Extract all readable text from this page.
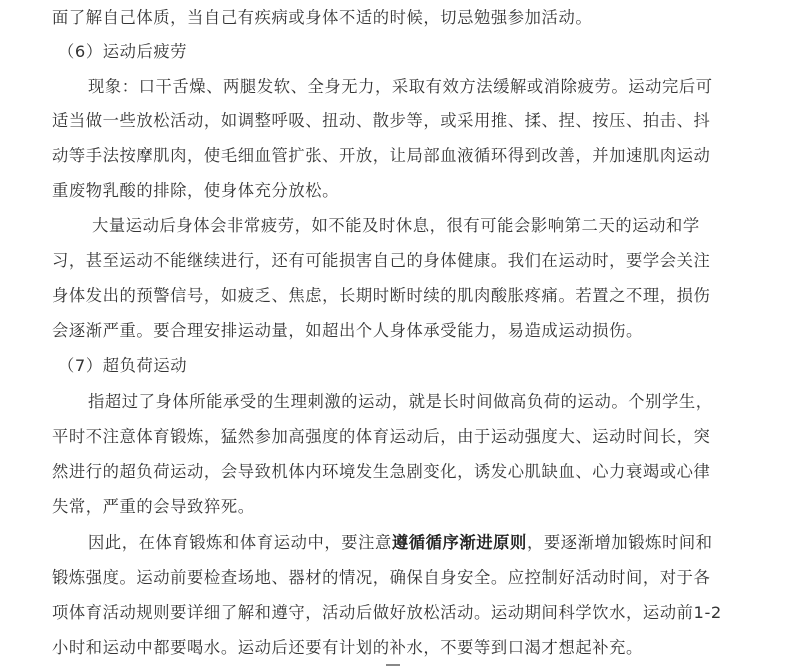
面了解自己体质，当自己有疾病或身体不适的时候，切忌勉强参加活动。
（6）运动后疲劳
现象：口干舌燥、两腿发软、全身无力，采取有效方法缓解或消除疲劳。运动完后可
适当做一些放松活动，如调整呼吸、扭动、散步等，或采用推、揉、捏、按压、拍击、抖
动等手法按摩肌肉，使毛细血管扩张、开放，让局部血液循环得到改善，并加速肌肉运动
重废物乳酸的排除，使身体充分放松。
大量运动后身体会非常疲劳，如不能及时休息，很有可能会影响第二天的运动和学
习，甚至运动不能继续进行，还有可能损害自己的身体健康。我们在运动时，要学会关注
身体发出的预警信号，如疲乏、焦虑，长期时断时续的肌肉酸胀疼痛。若置之不理，损伤
会逐渐严重。要合理安排运动量，如超出个人身体承受能力，易造成运动损伤。
（7）超负荷运动
指超过了身体所能承受的生理刺激的运动，就是长时间做高负荷的运动。个别学生，
平时不注意体育锻炼，猛然参加高强度的体育运动后，由于运动强度大、运动时间长，突
然进行的超负荷运动，会导致机体内环境发生急剧变化，诱发心肌缺血、心力衰竭或心律
失常，严重的会导致猝死。
因此，在体育锻炼和体育运动中，要注意遵循循序渐进原则，要逐渐增加锻炼时间和
锻炼强度。运动前要检查场地、器材的情况，确保自身安全。应控制好活动时间，对于各
项体育活动规则要详细了解和遵守，活动后做好放松活动。运动期间科学饮水，运动前1-2
小时和运动中都要喝水。运动后还要有计划的补水，不要等到口渴才想起补充。
